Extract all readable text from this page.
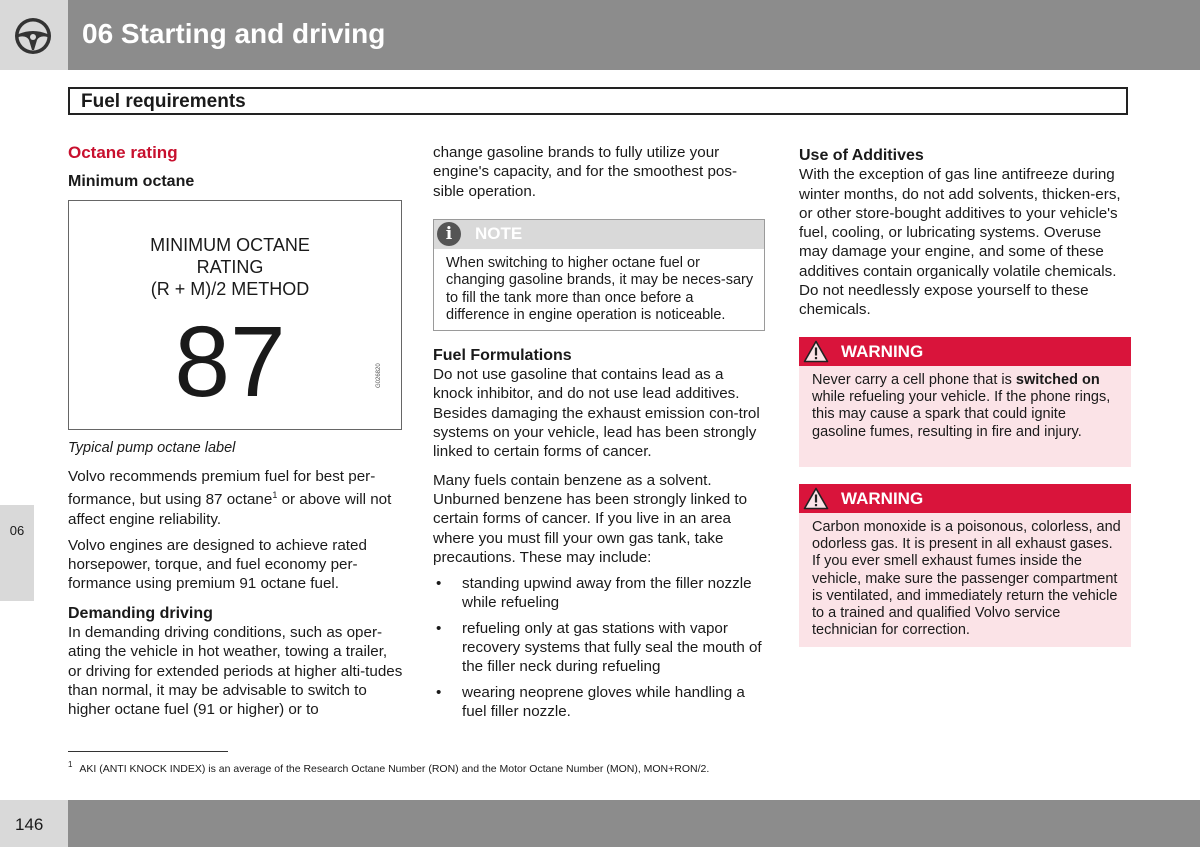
06 Starting and driving
Fuel requirements
06
Octane rating
Minimum octane
Typical pump octane label

Volvo recommends premium fuel for best per-formance, but using 87 octane$^1$ or above will not affect engine reliability.

Volvo engines are designed to achieve rated horsepower, torque, and fuel economy per-formance using premium 91 octane fuel.

Demanding driving

In demanding driving conditions, such as oper-ating the vehicle in hot weather, towing a trailer, or driving for extended periods at higher alti-tudes than normal, it may be advisable to switch to higher octane fuel (91 or higher) or to

MINIMUM OCTANE
RATING
(R + M)/2 METHOD
87	G026820

change gasoline brands to fully utilize your engine's capacity, and for the smoothest pos-sible operation.

Fuel Formulations

Do not use gasoline that contains lead as a knock inhibitor, and do not use lead additives. Besides damaging the exhaust emission con-trol systems on your vehicle, lead has been strongly linked to certain forms of cancer.

Many fuels contain benzene as a solvent. Unburned benzene has been strongly linked to certain forms of cancer. If you live in an area where you must fill your own gas tank, take precautions. These may include:

• standing upwind away from the filler nozzle while refueling
• refueling only at gas stations with vapor recovery systems that fully seal the mouth of the filler neck during refueling
• wearing neoprene gloves while handling a fuel filler nozzle.
i	NOTE
When switching to higher octane fuel or changing gasoline brands, it may be neces-sary to fill the tank more than once before a difference in engine operation is noticeable.
Use of Additives

With the exception of gas line antifreeze during winter months, do not add solvents, thicken-ers, or other store-bought additives to your vehicle's fuel, cooling, or lubricating systems. Overuse may damage your engine, and some of these additives contain organically volatile chemicals. Do not needlessly expose yourself to these chemicals.

WARNING
Never carry a cell phone that is switched on while refueling your vehicle. If the phone rings, this may cause a spark that could ignite gasoline fumes, resulting in fire and injury.
WARNING
Carbon monoxide is a poisonous, colorless, and odorless gas. It is present in all exhaust gases. If you ever smell exhaust fumes inside the vehicle, make sure the passenger compartment is ventilated, and immediately return the vehicle to a trained and qualified Volvo service technician for correction.
$^1$ AKI (ANTI KNOCK INDEX) is an average of the Research Octane Number (RON) and the Motor Octane Number (MON), MON+RON/2.
146
